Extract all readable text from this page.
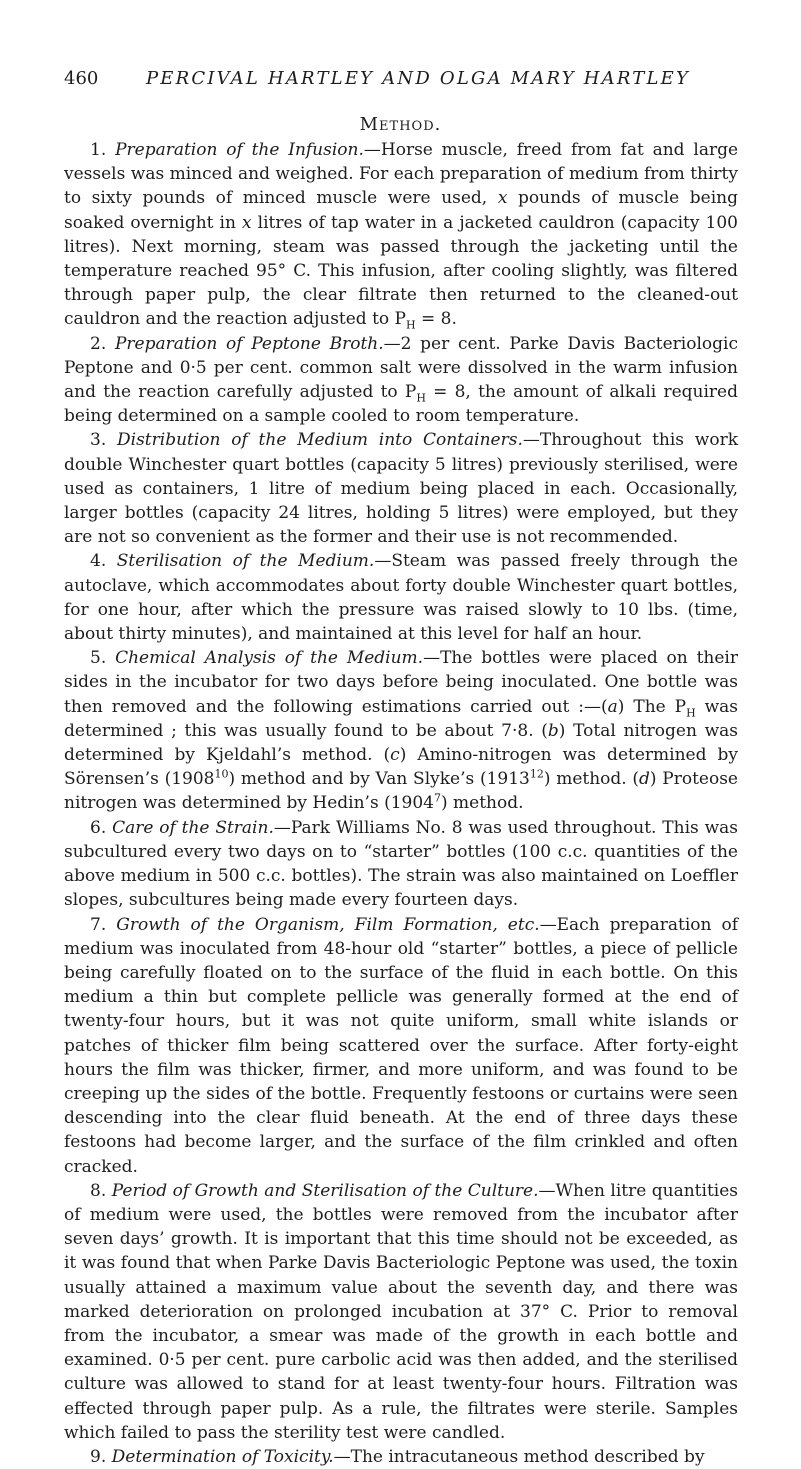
460	PERCIVAL HARTLEY AND OLGA MARY HARTLEY
Method.

1. Preparation of the Infusion.—Horse muscle, freed from fat and large vessels was minced and weighed. For each preparation of medium from thirty to sixty pounds of minced muscle were used, x pounds of muscle being soaked overnight in x litres of tap water in a jacketed cauldron (capacity 100 litres). Next morning, steam was passed through the jacketing until the temperature reached 95° C. This infusion, after cooling slightly, was filtered through paper pulp, the clear filtrate then returned to the cleaned-out cauldron and the reaction adjusted to $P_H = 8$.

2. Preparation of Peptone Broth.—2 per cent. Parke Davis Bacteriologic Peptone and 0·5 per cent. common salt were dissolved in the warm infusion and the reaction carefully adjusted to $P_H = 8$, the amount of alkali required being determined on a sample cooled to room temperature.

3. Distribution of the Medium into Containers.—Throughout this work double Winchester quart bottles (capacity 5 litres) previously sterilised, were used as containers, 1 litre of medium being placed in each. Occasionally, larger bottles (capacity 24 litres, holding 5 litres) were employed, but they are not so convenient as the former and their use is not recommended.

4. Sterilisation of the Medium.—Steam was passed freely through the autoclave, which accommodates about forty double Winchester quart bottles, for one hour, after which the pressure was raised slowly to 10 lbs. (time, about thirty minutes), and maintained at this level for half an hour.

5. Chemical Analysis of the Medium.—The bottles were placed on their sides in the incubator for two days before being inoculated. One bottle was then removed and the following estimations carried out :—(a) The $P_H$ was determined ; this was usually found to be about 7·8. (b) Total nitrogen was determined by Kjeldahl’s method. (c) Amino-nitrogen was determined by Sörensen’s (1908$^{10}$) method and by Van Slyke’s (1913$^{12}$) method. (d) Proteose nitrogen was determined by Hedin’s (1904$^7$) method.

6. Care of the Strain.—Park Williams No. 8 was used throughout. This was subcultured every two days on to “starter” bottles (100 c.c. quantities of the above medium in 500 c.c. bottles). The strain was also maintained on Loeffler slopes, subcultures being made every fourteen days.

7. Growth of the Organism, Film Formation, etc.—Each preparation of medium was inoculated from 48-hour old “starter” bottles, a piece of pellicle being carefully floated on to the surface of the fluid in each bottle. On this medium a thin but complete pellicle was generally formed at the end of twenty-four hours, but it was not quite uniform, small white islands or patches of thicker film being scattered over the surface. After forty-eight hours the film was thicker, firmer, and more uniform, and was found to be creeping up the sides of the bottle. Frequently festoons or curtains were seen descending into the clear fluid beneath. At the end of three days these festoons had become larger, and the surface of the film crinkled and often cracked.

8. Period of Growth and Sterilisation of the Culture.—When litre quantities of medium were used, the bottles were removed from the incubator after seven days’ growth. It is important that this time should not be exceeded, as it was found that when Parke Davis Bacteriologic Peptone was used, the toxin usually attained a maximum value about the seventh day, and there was marked deterioration on prolonged incubation at 37° C. Prior to removal from the incubator, a smear was made of the growth in each bottle and examined. 0·5 per cent. pure carbolic acid was then added, and the sterilised culture was allowed to stand for at least twenty-four hours. Filtration was effected through paper pulp. As a rule, the filtrates were sterile. Samples which failed to pass the sterility test were candled.

9. Determination of Toxicity.—The intracutaneous method described by
